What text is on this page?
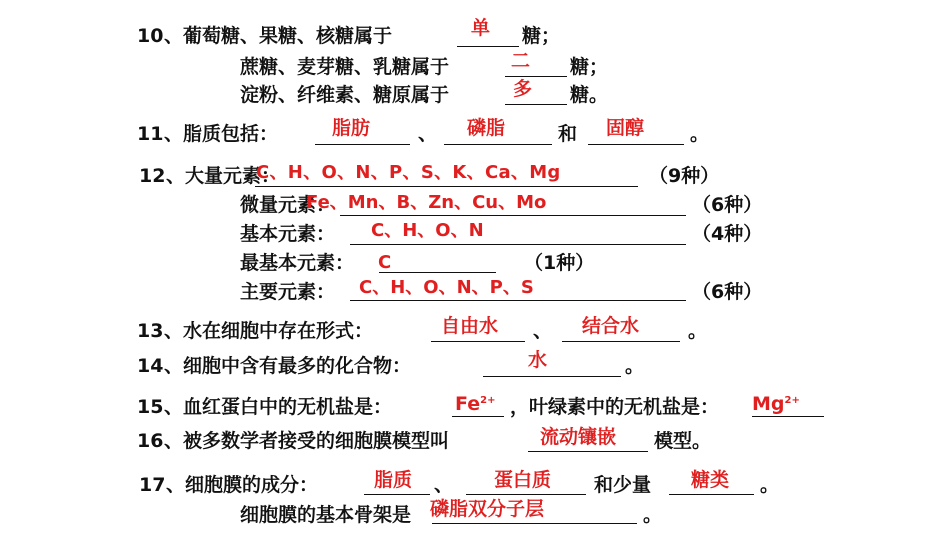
10 、葡萄糖、果糖、核糖属于	单 糖；
蔗糖、麦芽糖、乳糖属于	二 糖；
淀粉、纤维素、糖原属于	多 糖。
11 、脂质包括：	脂肪	、 磷脂	和 固醇 。
12 、大量元素：
C、H、O、N、P、S、K、Ca、Mg	（9种）
微量元素：
Fe、Mn、B、Zn、Cu、Mo	（6种）
基本元素： C、H、O、N	（4种）
最基本元素： C	（1种）
主要元素： C、H、O、N、P、S	（6种）
13 、水在细胞中存在形式：	自由水 、 结合水	。
14 、细胞中含有最多的化合物：	水	。
15 、血红蛋白中的无机盐是：	$Fe^{2+}$ ，叶绿素中的无机盐是： $Mg^{2+}$
16 、被多数学者接受的细胞膜模型叫	流动镶嵌 模型。
17 、细胞膜的成分：	脂质 、 蛋白质 和少量 糖类 。
细胞膜的基本骨架是 磷脂双分子层	。
